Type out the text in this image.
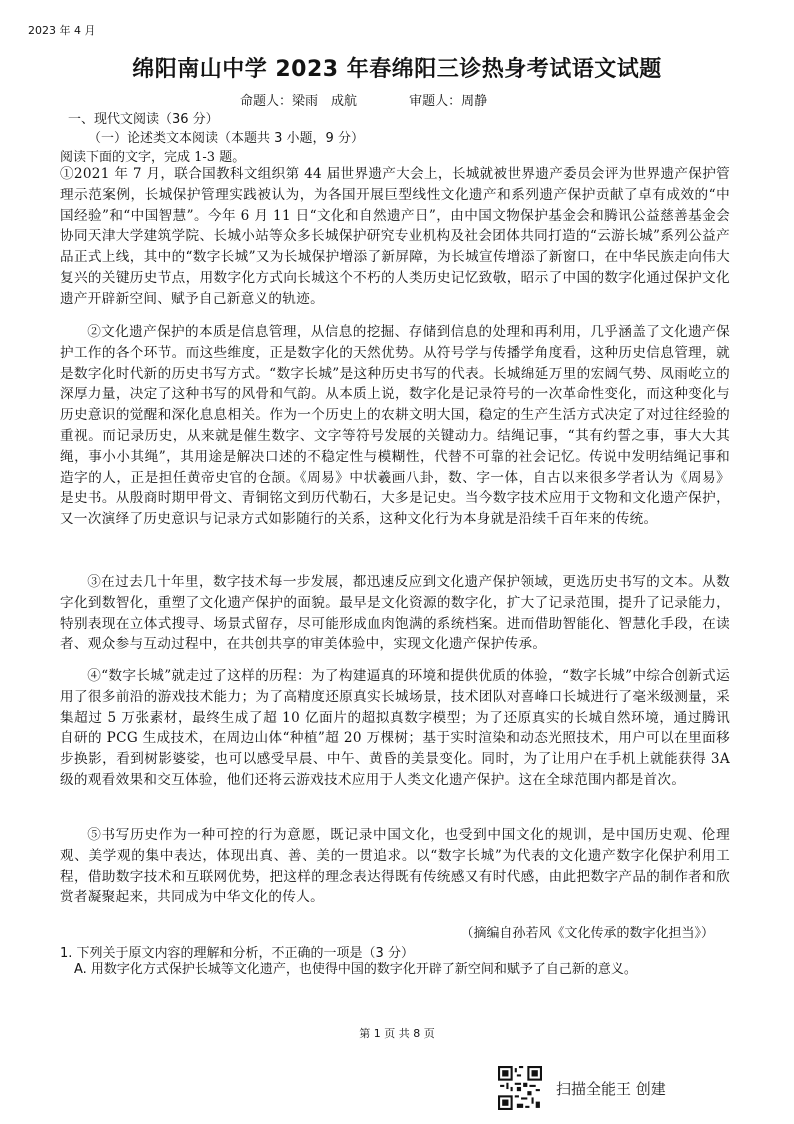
2023 年 4 月
绵阳南山中学 2023 年春绵阳三诊热身考试语文试题
命题人：梁雨　成航	审题人：周静
一、现代文阅读（36 分）
（一）论述类文本阅读（本题共 3 小题，9 分）
阅读下面的文字，完成 1-3 题。

①2021 年 7 月，联合国教科文组织第 44 届世界遗产大会上，长城就被世界遗产委员会评为世界遗产保护管理示范案例，长城保护管理实践被认为，为各国开展巨型线性文化遗产和系列遗产保护贡献了卓有成效的“中国经验”和“中国智慧”。今年 6 月 11 日“文化和自然遗产日”，由中国文物保护基金会和腾讯公益慈善基金会协同天津大学建筑学院、长城小站等众多长城保护研究专业机构及社会团体共同打造的“云游长城”系列公益产品正式上线，其中的“数字长城”又为长城保护增添了新屏障，为长城宣传增添了新窗口，在中华民族走向伟大复兴的关键历史节点，用数字化方式向长城这个不朽的人类历史记忆致敬，昭示了中国的数字化通过保护文化遗产开辟新空间、赋予自己新意义的轨迹。

②文化遗产保护的本质是信息管理，从信息的挖掘、存储到信息的处理和再利用，几乎涵盖了文化遗产保护工作的各个环节。而这些维度，正是数字化的天然优势。从符号学与传播学角度看，这种历史信息管理，就是数字化时代新的历史书写方式。“数字长城”是这种历史书写的代表。长城绵延万里的宏阔气势、凤雨屹立的深厚力量，决定了这种书写的风骨和气韵。从本质上说，数字化是记录符号的一次革命性变化，而这种变化与历史意识的觉醒和深化息息相关。作为一个历史上的农耕文明大国，稳定的生产生活方式决定了对过往经验的重视。而记录历史，从来就是催生数字、文字等符号发展的关键动力。结绳记事，“其有约誓之事，事大大其绳，事小小其绳”，其用途是解决口述的不稳定性与模糊性，代替不可靠的社会记忆。传说中发明结绳记事和造字的人，正是担任黄帝史官的仓颉。《周易》中状羲画八卦，数、字一体，自古以来很多学者认为《周易》是史书。从殷商时期甲骨文、青铜铭文到历代勒石，大多是记史。当今数字技术应用于文物和文化遗产保护，又一次演绎了历史意识与记录方式如影随行的关系，这种文化行为本身就是沿续千百年来的传统。

③在过去几十年里，数字技术每一步发展，都迅速反应到文化遗产保护领域，更选历史书写的文本。从数字化到数智化，重塑了文化遗产保护的面貌。最早是文化资源的数字化，扩大了记录范围，提升了记录能力，特别表现在立体式搜寻、场景式留存，尽可能形成血肉饱满的系统档案。进而借助智能化、智慧化手段，在读者、观众参与互动过程中，在共创共享的审美体验中，实现文化遗产保护传承。

④“数字长城”就走过了这样的历程：为了构建逼真的环境和提供优质的体验，“数字长城”中综合创新式运用了很多前沿的游戏技术能力；为了高精度还原真实长城场景，技术团队对喜峰口长城进行了毫米级测量，采集超过 5 万张素材，最终生成了超 10 亿面片的超拟真数字模型；为了还原真实的长城自然环境，通过腾讯自研的 PCG 生成技术，在周边山体“种植”超 20 万棵树；基于实时渲染和动态光照技术，用户可以在里面移步换影，看到树影婆娑，也可以感受早晨、中午、黄昏的美景变化。同时，为了让用户在手机上就能获得 3A 级的观看效果和交互体验，他们还将云游戏技术应用于人类文化遗产保护。这在全球范围内都是首次。

⑤书写历史作为一种可控的行为意愿，既记录中国文化，也受到中国文化的规训，是中国历史观、伦理观、美学观的集中表达，体现出真、善、美的一贯追求。以“数字长城”为代表的文化遗产数字化保护利用工程，借助数字技术和互联网优势，把这样的理念表达得既有传统感又有时代感，由此把数字产品的制作者和欣赏者凝聚起来，共同成为中华文化的传人。

（摘编自孙若风《文化传承的数字化担当》）
1. 下列关于原文内容的理解和分析，不正确的一项是（3 分）
A. 用数字化方式保护长城等文化遗产，也使得中国的数字化开辟了新空间和赋予了自己新的意义。
第 1 页 共 8 页
扫描全能王 创建
